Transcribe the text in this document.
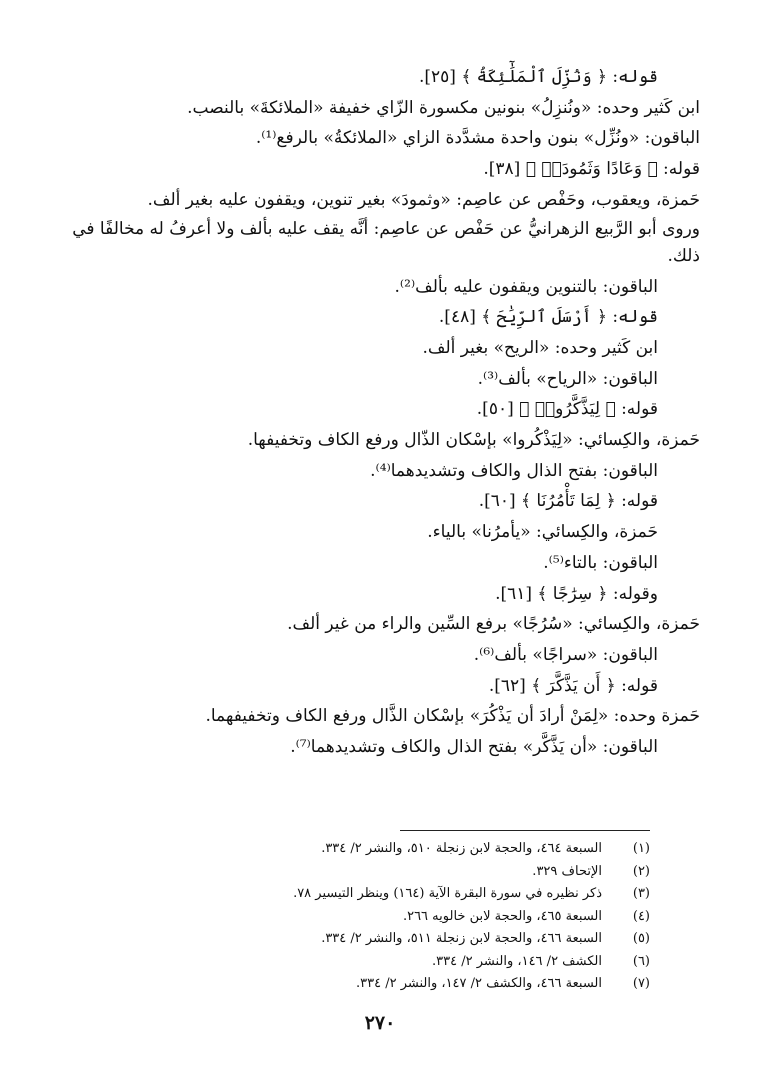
قوله: ﴿ وَنُزِّلَ ٱلْمَلَٰٓئِكَةُ ﴾ [٢٥].
ابن كَثير وحده: «ونُنزِلُ» بنونين مكسورة الزّاي خفيفة «الملائكةَ» بالنصب.
الباقون: «ونُزِّل» بنون واحدة مشدَّدة الزاي «الملائكةُ» بالرفع⁽¹⁾.
قوله: ﴿ وَعَادًا وَثَمُودَا۟ ﴾ [٣٨].
حَمزة، ويعقوب، وحَفْص عن عاصِم: «وثمودَ» بغير تنوين، ويقفون عليه بغير ألف.
وروى أبو الرَّبيع الزهرانيُّ عن حَفْص عن عاصِم: أنَّه يقف عليه بألف ولا أعرفُ له مخالفًا في ذلك.
الباقون: بالتنوين ويقفون عليه بألف⁽²⁾.
قوله: ﴿ أَرْسَلَ ٱلرِّيَٰحَ ﴾ [٤٨].
ابن كَثير وحده: «الريح» بغير ألف.
الباقون: «الرياح» بألف⁽³⁾.
قوله: ﴿ لِيَذَّكَّرُوا۟ ﴾ [٥٠].
حَمزة، والكِسائي: «لِيَذْكُروا» بإسْكان الذّال ورفع الكاف وتخفيفها.
الباقون: بفتح الذال والكاف وتشديدهما⁽⁴⁾.
قوله: ﴿ لِمَا تَأْمُرُنَا ﴾ [٦٠].
حَمزة، والكِسائي: «يأمرُنا» بالياء.
الباقون: بالتاء⁽⁵⁾.
وقوله: ﴿ سِرَٰجًا ﴾ [٦١].
حَمزة، والكِسائي: «سُرُجًا» برفع السِّين والراء من غير ألف.
الباقون: «سراجًا» بألف⁽⁶⁾.
قوله: ﴿ أَن يَذَّكَّرَ ﴾ [٦٢].
حَمزة وحده: «لِمَنْ أرادَ أن يَذْكُرَ» بإسْكان الذَّال ورفع الكاف وتخفيفهما.
الباقون: «أن يَذَّكَّر» بفتح الذال والكاف وتشديدهما⁽⁷⁾.
(١)السبعة ٤٦٤، والحجة لابن زنجلة ٥١٠، والنشر ٢/ ٣٣٤.
(٢)الإتحاف ٣٢٩.
(٣)ذكر نظيره في سورة البقرة الآية (١٦٤) وينظر التيسير ٧٨.
(٤)السبعة ٤٦٥، والحجة لابن خالويه ٢٦٦.
(٥)السبعة ٤٦٦، والحجة لابن زنجلة ٥١١، والنشر ٢/ ٣٣٤.
(٦)الكشف ٢/ ١٤٦، والنشر ٢/ ٣٣٤.
(٧)السبعة ٤٦٦، والكشف ٢/ ١٤٧، والنشر ٢/ ٣٣٤.
٢٧٠
